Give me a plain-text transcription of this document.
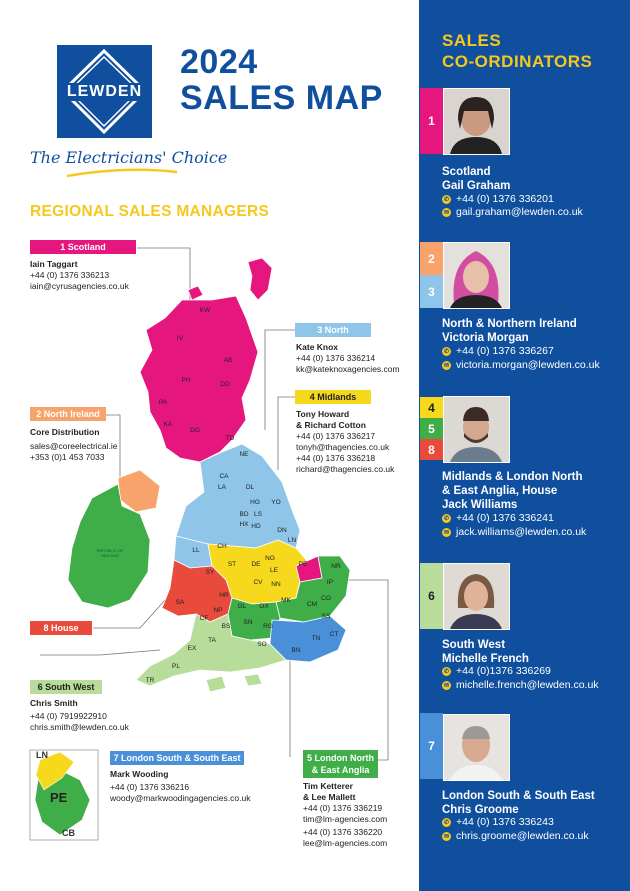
LEWDEN
2024
SALES MAP
The Electricians' Choice
REGIONAL SALES MANAGERS
KW
IV
AB
PH
DD
PA
KA
DG
TD
NE
CA
LA	DL
YO
HG
LS
BD
HX HD
DN
LL
CH
ST
LN
NG
DE
LE
PE	NR
SY
CV NN
SA
HR
NP
CF
GL OX
MK
SN
RG
SO
TA
EX
PL
TR
BS
IP
CO
CM
SS
CT
TN
BN
LN
PE
CB
REPUBLIC OF IRELAND
1 Scotland
Iain Taggart
+44 (0) 1376 336213
iain@cyrusagencies.co.uk
3 North
Kate Knox
+44 (0) 1376 336214
kk@kateknoxagencies.com
4 Midlands
Tony Howard
& Richard Cotton
+44 (0) 1376 336217
tonyh@thagencies.co.uk
+44 (0) 1376 336218
richard@thagencies.co.uk
2 North Ireland
Core Distribution
sales@coreelectrical.ie
+353 (0)1 453 7033
8 House
6 South West
Chris Smith
+44 (0) 7919922910
chris.smith@lewden.co.uk
7 London South & South East
Mark Wooding
+44 (0) 1376 336216
woody@markwoodingagencies.co.uk
5 London North
& East Anglia
Tim Ketterer
& Lee Mallett
+44 (0) 1376 336219
tim@lm-agencies.com
+44 (0) 1376 336220
lee@lm-agencies.com
SALES
CO-ORDINATORS
1
Scotland
Gail Graham
✆ +44 (0) 1376 336201
✉ gail.graham@lewden.co.uk
2
3
North & Northern Ireland
Victoria Morgan
✆ +44 (0) 1376 336267
✉ victoria.morgan@lewden.co.uk
4
5
8
Midlands & London North
& East Anglia, House
Jack Williams
✆ +44 (0) 1376 336241
✉ jack.williams@lewden.co.uk
6
South West
Michelle French
✆ +44 (0)1376 336269
✉ michelle.french@lewden.co.uk
7
London South & South East
Chris Groome
✆ +44 (0) 1376 336243
✉ chris.groome@lewden.co.uk
